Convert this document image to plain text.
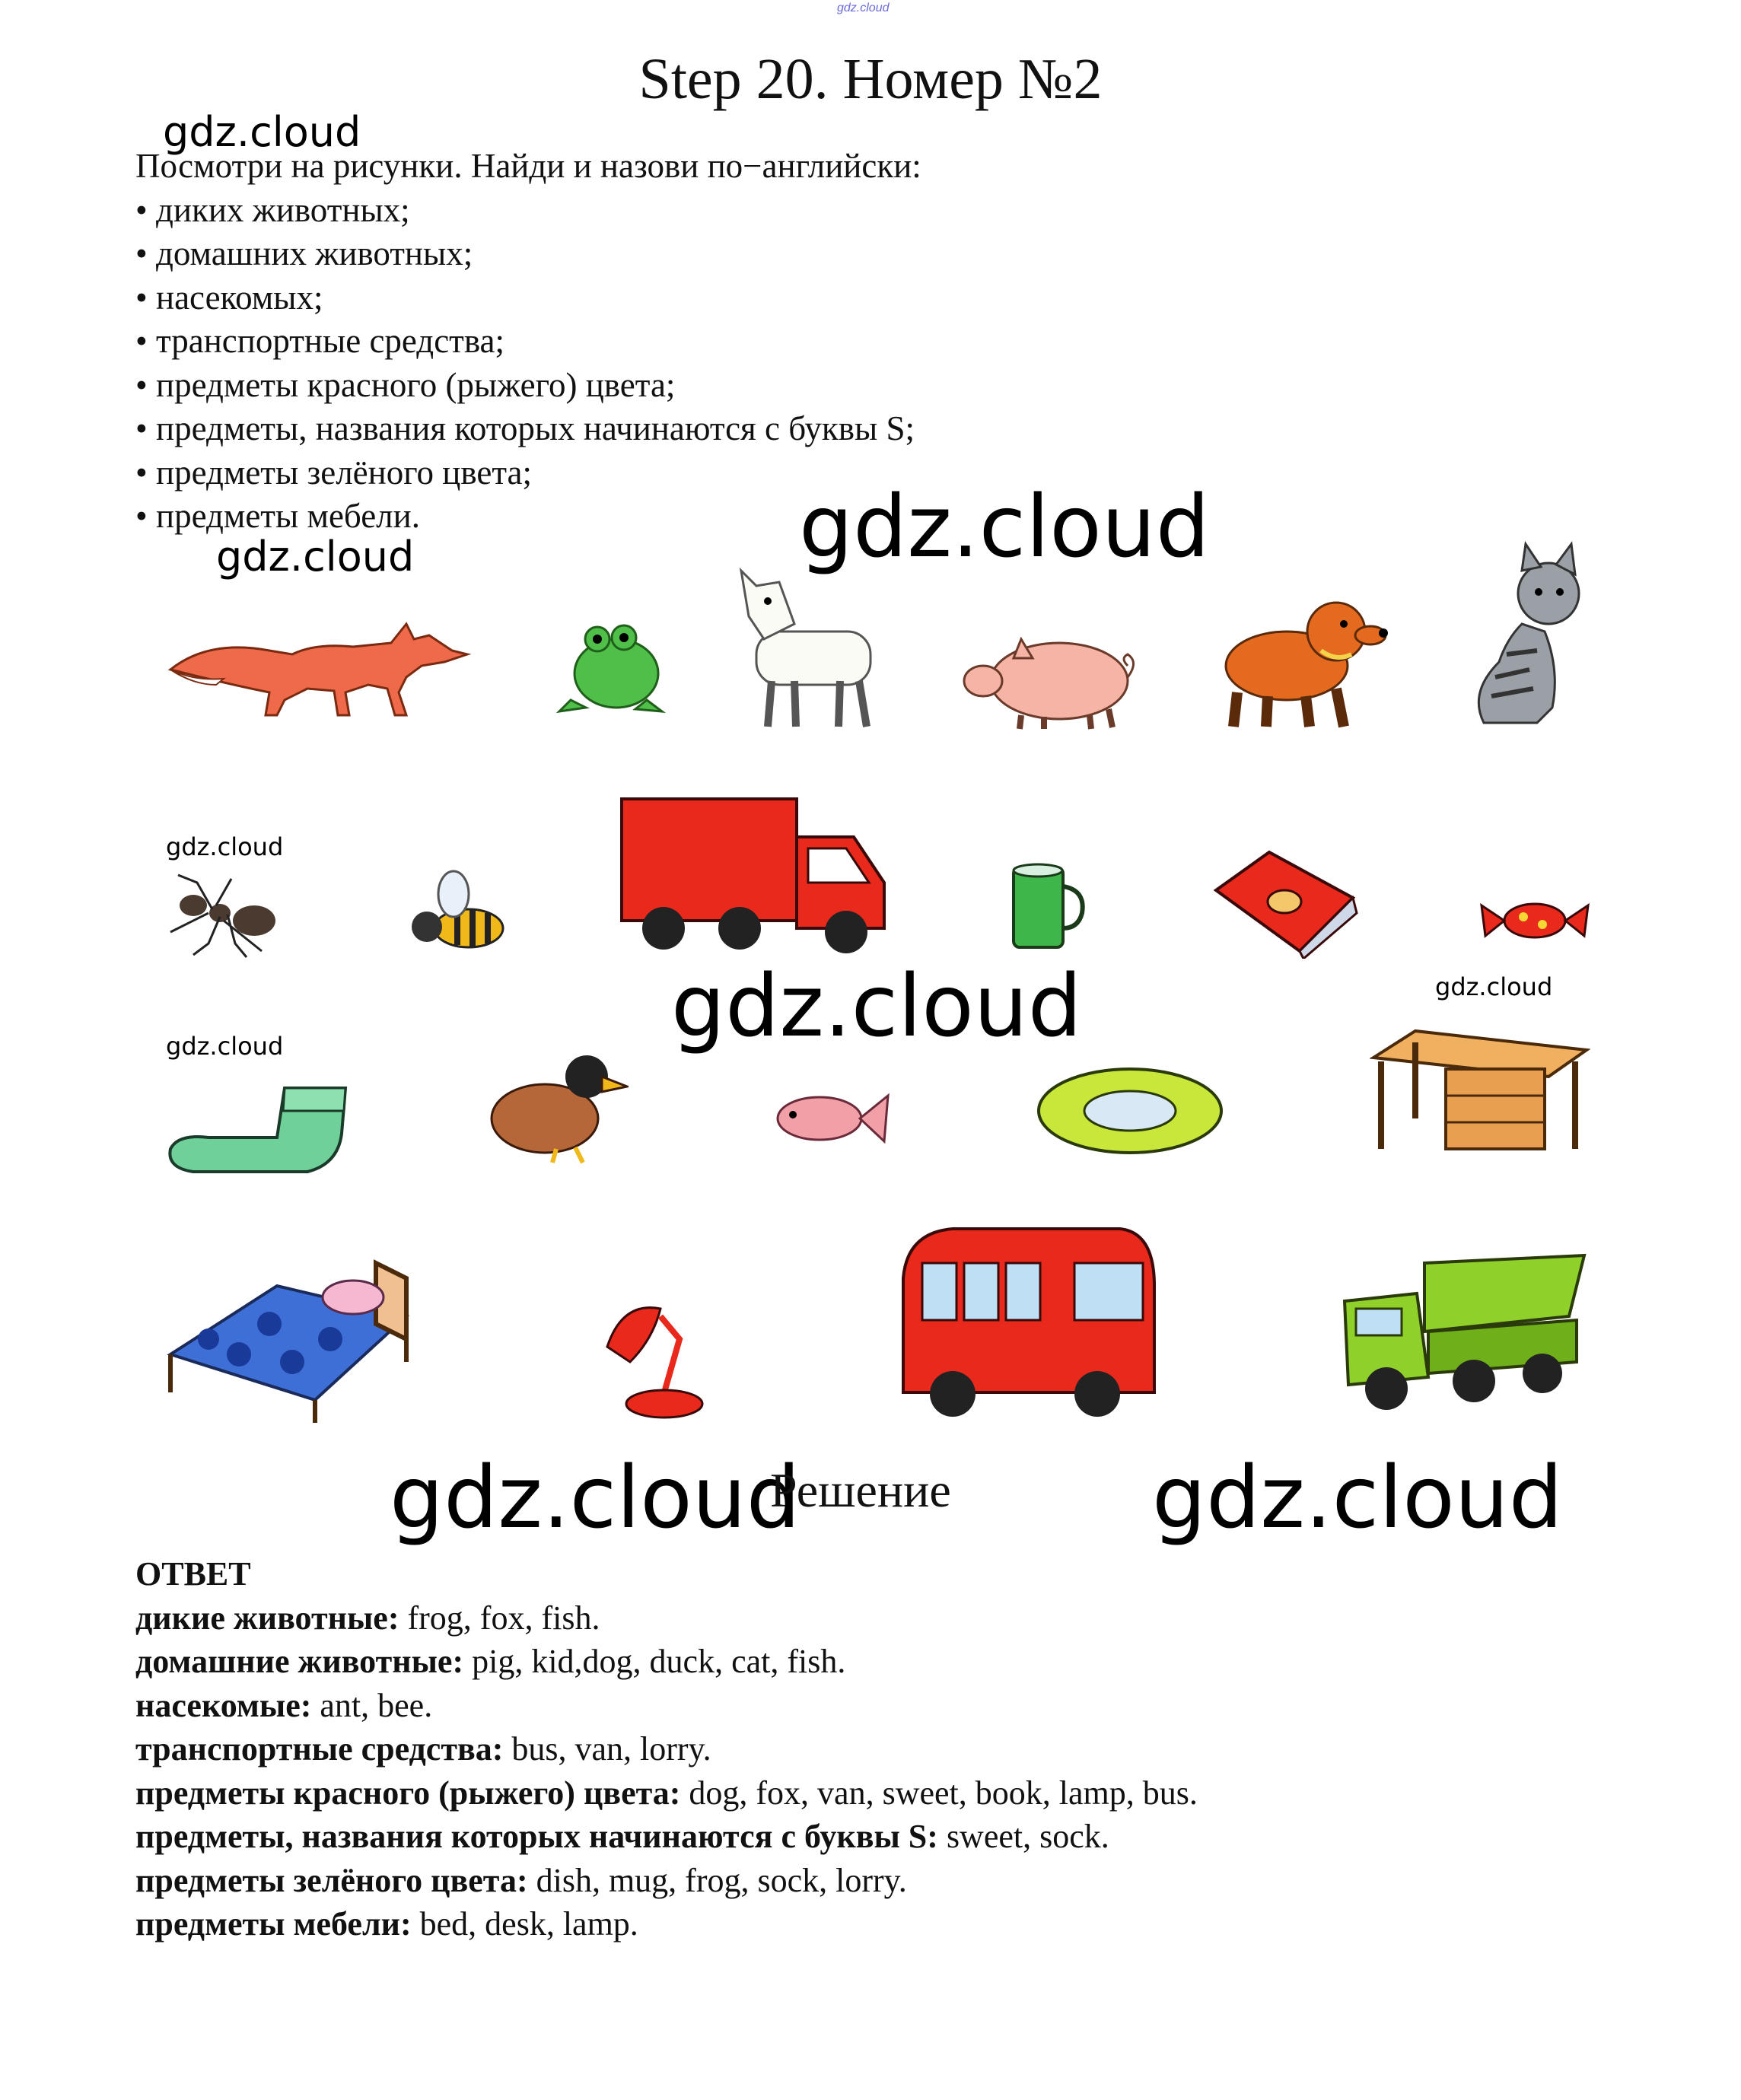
gdz.cloud
Step 20. Номер №2
gdz.cloud
gdz.cloud	gdz.cloud
gdz.cloud
gdz.cloud
gdz.cloud
gdz.cloud
gdz.cloud	gdz.cloud
Посмотри на рисунки. Найди и назови по−английски:
• диких животных;
• домашних животных;
• насекомых;
• транспортные средства;
• предметы красного (рыжего) цвета;
• предметы, названия которых начинаются с буквы S;
• предметы зелёного цвета;
• предметы мебели.
Решение
ОТВЕТ
дикие животные: frog, fox, fish.
домашние животные: pig, kid,dog, duck, cat, fish.
насекомые: ant, bee.
транспортные средства: bus, van, lorry.
предметы красного (рыжего) цвета: dog, fox, van, sweet, book, lamp, bus.
предметы, названия которых начинаются с буквы S: sweet, sock.
предметы зелёного цвета: dish, mug, frog, sock, lorry.
предметы мебели: bed, desk, lamp.
